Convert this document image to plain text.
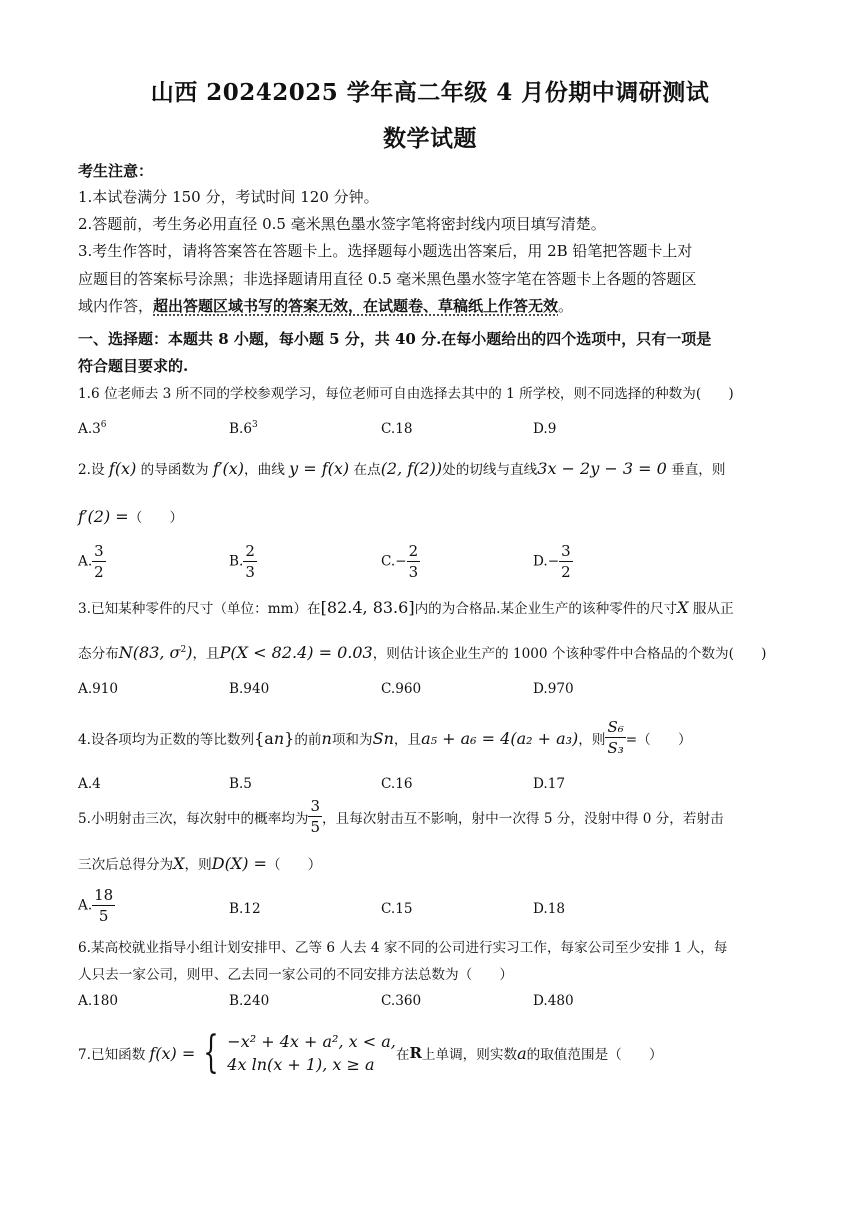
山西 20242025 学年高二年级 4 月份期中调研测试
数学试题
考生注意：
1.本试卷满分 150 分，考试时间 120 分钟。
2.答题前，考生务必用直径 0.5 毫米黑色墨水签字笔将密封线内项目填写清楚。
3.考生作答时，请将答案答在答题卡上。选择题每小题选出答案后，用 2B 铅笔把答题卡上对
应题目的答案标号涂黑；非选择题请用直径 0.5 毫米黑色墨水签字笔在答题卡上各题的答题区
域内作答，超出答题区域书写的答案无效，在试题卷、草稿纸上作答无效。
一、选择题：本题共 8 小题，每小题 5 分，共 40 分.在每小题给出的四个选项中，只有一项是
符合题目要求的.
1.6 位老师去 3 所不同的学校参观学习，每位老师可自由选择去其中的 1 所学校，则不同选择的种数为(　　)
$A.3^6$	$B.6^3$	C.18	D.9
2.设 f(x) 的导函数为 f′(x)，曲线 y = f(x) 在点(2, f(2))处的切线与直线3x − 2y − 3 = 0 垂直，则
f′(2) =（　　）
A. $\frac{3}{2}$	B. $\frac{2}{3}$	$C.- \frac{2}{3}$	$D.- \frac{3}{2}$
3.已知某种零件的尺寸（单位：mm）在[82.4, 83.6]内的为合格品.某企业生产的该种零件的尺寸X 服从正
态分布N(83, $\sigma^2$)，且P(X < 82.4) = 0.03，则估计该企业生产的 1000 个该种零件中合格品的个数为(　　)
A.910	B.940	C.960	D.970
4.设各项均为正数的等比数列 {a n } 的前 n 项和为 S n ，且 a₅ + a₆ = 4(a₂ + a₃) ，则 $\frac{\text{S₆}}{\text{S₃}}$ =（　　）
A.4	B.5	C.16	D.17
5.小明射击三次，每次射中的概率均为 $\frac{3}{5}$ ，且每次射击互不影响，射中一次得 5 分，没射中得 0 分，若射击
三次后总得分为X，则D(X) =（　　）
A. $\frac{18}{5}$	B.12	C.15	D.18
6.某高校就业指导小组计划安排甲、乙等 6 人去 4 家不同的公司进行实习工作，每家公司至少安排 1 人，每
人只去一家公司，则甲、乙去同一家公司的不同安排方法总数为（　　）
A.180	B.240	C.360	D.480
7.已知函数 f(x) = { −x² + 4x + a², x < a,
4x ln(x + 1), x ≥ a	在 R 上单调，则实数 a 的取值范围是（　　）
